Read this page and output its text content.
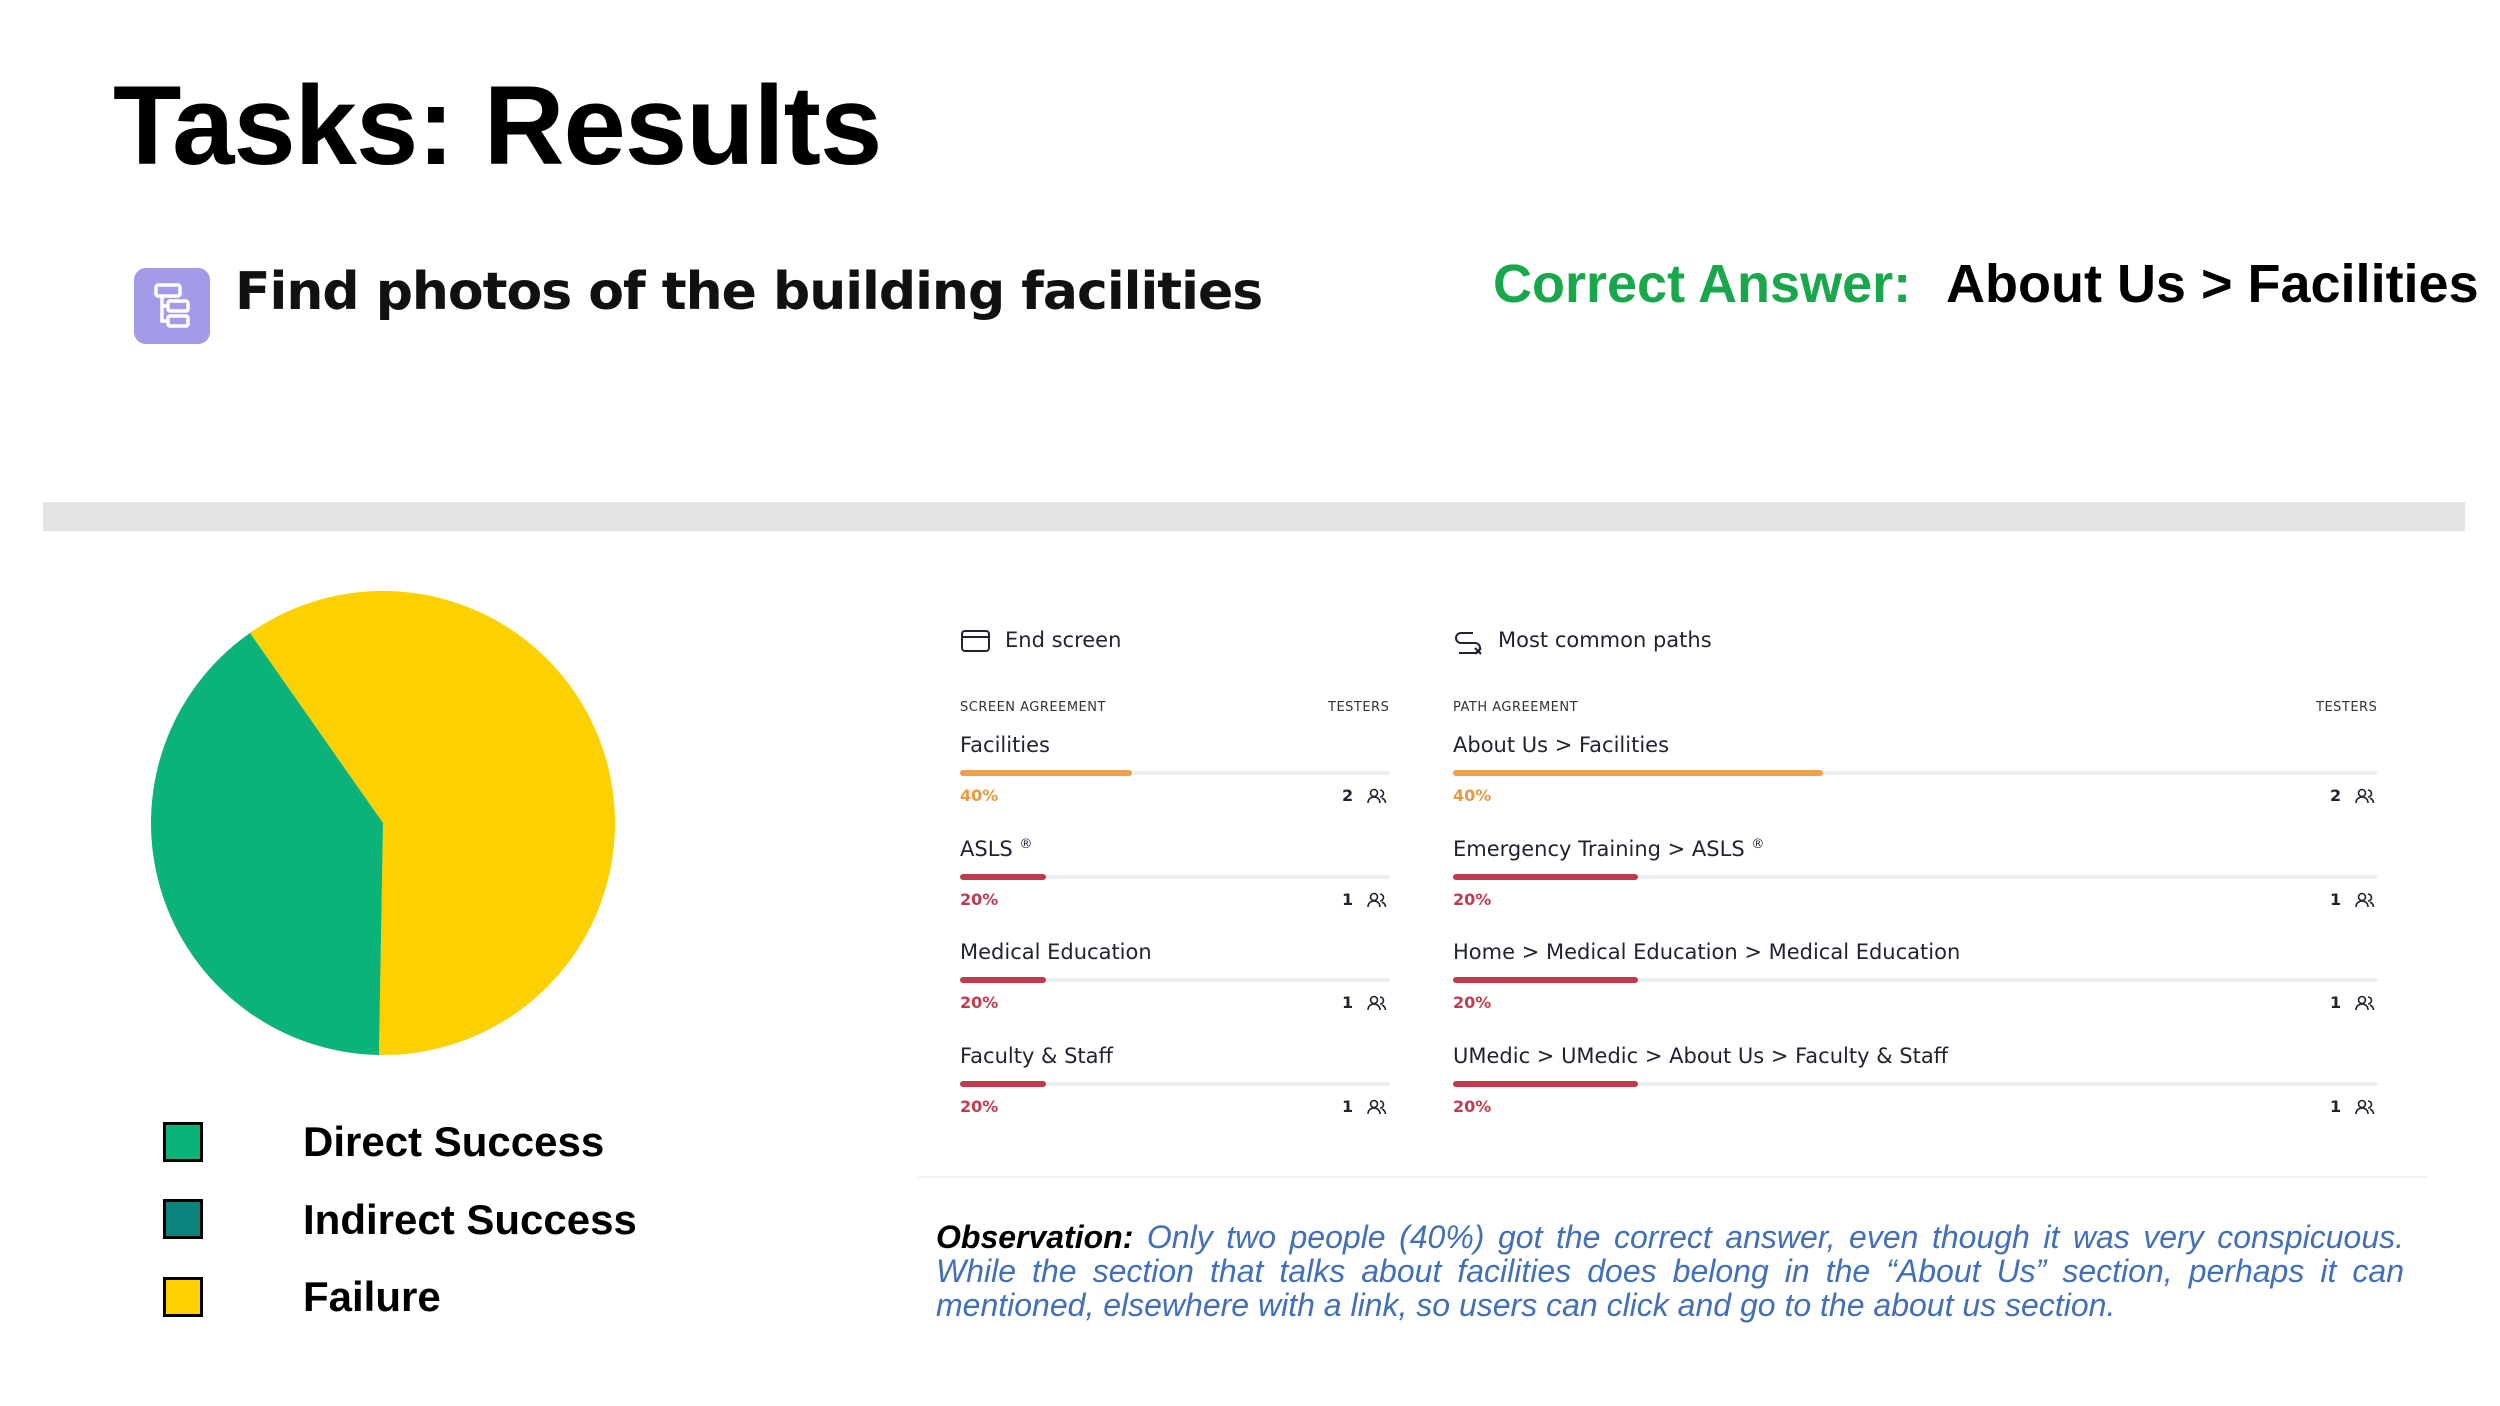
Tasks: Results
Find photos of the building facilities	Correct Answer: About Us > Facilities
Direct Success
Indirect Success
Failure
End screen
SCREEN AGREEMENT	TESTERS
Facilities
40%	2
ASLS ®
20%	1
Medical Education
20%	1
Faculty & Staff
20%	1
Most common paths
PATH AGREEMENT	TESTERS
About Us > Facilities
40%	2
Emergency Training > ASLS ®
20%	1
Home > Medical Education > Medical Education
20%	1
UMedic > UMedic > About Us > Faculty & Staff
20%	1
Observation: Only two people (40%) got the correct answer, even though it was very conspicuous. While the section that talks about facilities does belong in the “About Us” section, perhaps it can mentioned, elsewhere with a link, so users can click and go to the about us section.
